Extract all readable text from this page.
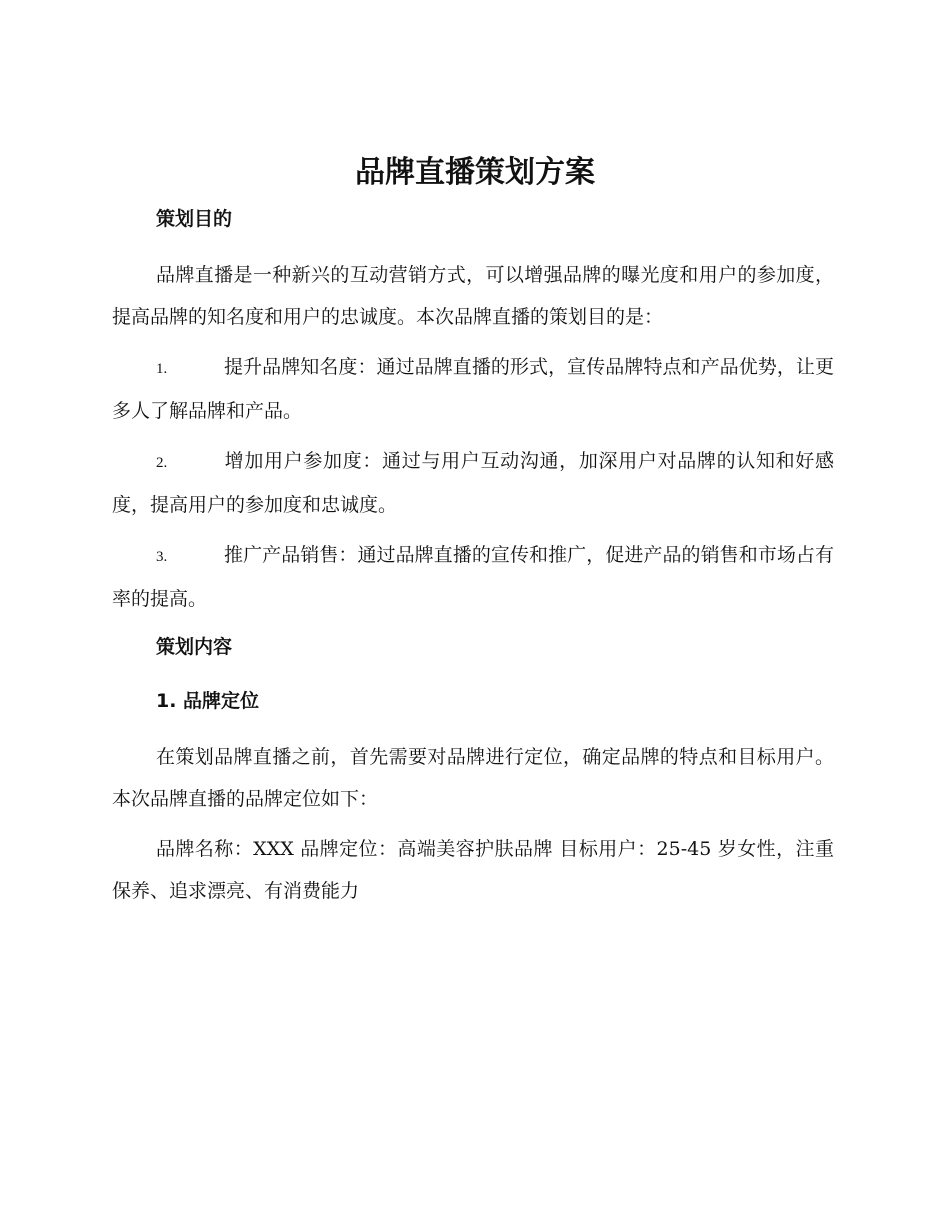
品牌直播策划方案
策划目的

品牌直播是一种新兴的互动营销方式，可以增强品牌的曝光度和用户的参加度，提高品牌的知名度和用户的忠诚度。本次品牌直播的策划目的是：

1.	提升品牌知名度：通过品牌直播的形式，宣传品牌特点和产品优势，让更多人了解品牌和产品。

2.	增加用户参加度：通过与用户互动沟通，加深用户对品牌的认知和好感度，提高用户的参加度和忠诚度。

3.	推广产品销售：通过品牌直播的宣传和推广，促进产品的销售和市场占有率的提高。

策划内容
1. 品牌定位

在策划品牌直播之前，首先需要对品牌进行定位，确定品牌的特点和目标用户。本次品牌直播的品牌定位如下：

品牌名称：XXX 品牌定位：高端美容护肤品牌 目标用户：25-45 岁女性，注重保养、追求漂亮、有消费能力
